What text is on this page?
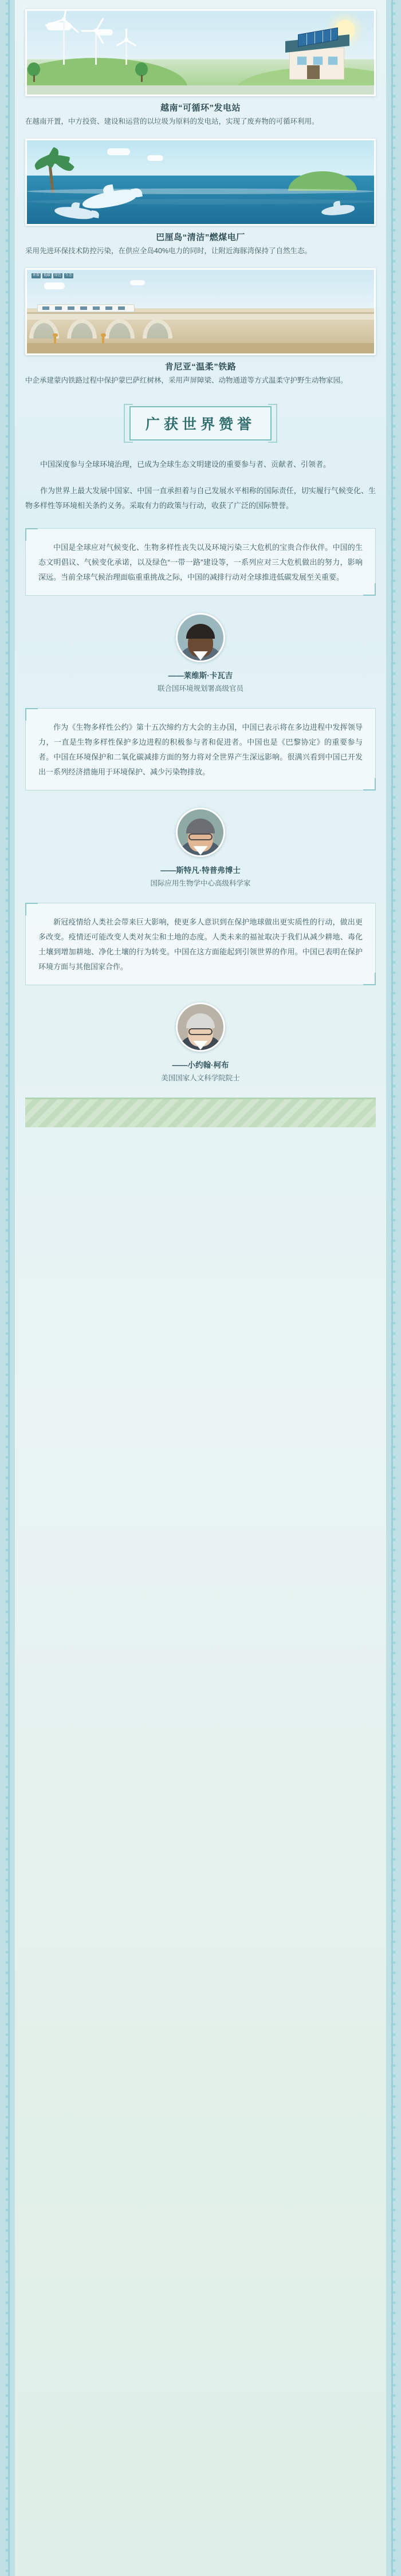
越南“可循环”发电站
在越南开置，中方投资、建设和运营的以垃圾为原料的发电站，实现了废弃物的可循环利用。
巴厘岛“清洁”燃煤电厂
采用先进环保技术防控污染，在供应全岛40%电力的同时，让附近海豚湾保持了自然生态。
环保	低碳	绿色	生态
肯尼亚“温柔”铁路
中企承建蒙内铁路过程中保护蒙巴萨红树林，采用声屏障梁、动物通道等方式温柔守护野生动物家园。
广获世界赞誉

中国深度参与全球环境治理，已成为全球生态文明建设的重要参与者、贡献者、引领者。

作为世界上最大发展中国家、中国一直承担着与自己发展水平相称的国际责任，切实履行气候变化、生物多样性等环境相关条约义务。采取有力的政策与行动，收获了广泛的国际赞誉。

中国是全球应对气候变化、生物多样性丧失以及环境污染三大危机的宝贵合作伙伴。中国的生态文明倡议、气候变化承诺，以及绿色“一带一路”建设等，一系列应对三大危机做出的努力，影响深远。当前全球气候治理面临重重挑战之际，中国的减排行动对全球推进低碳发展至关重要。

——莱维斯·卡瓦吉
联合国环境规划署高级官员

作为《生物多样性公约》第十五次缔约方大会的主办国，中国已表示将在多边进程中发挥领导力，一直是生物多样性保护多边进程的积极参与者和促进者。中国也是《巴黎协定》的重要参与者。中国在环境保护和二氧化碳减排方面的努力将对全世界产生深远影响。很满兴看到中国已开发出一系列经济措施用于环境保护、减少污染物排放。

——斯特凡·特普弗博士
国际应用生物学中心高级科学家

新冠疫情给人类社会带来巨大影响，使更多人意识到在保护地球做出更实质性的行动，做出更多改变。疫情还可能改变人类对灰尘和土地的态度。人类未来的福祉取决于我们从减少耕地、毒化土壤到增加耕地、净化土壤的行为转变。中国在这方面能起到引领世界的作用。中国已表明在保护环境方面与其他国家合作。

——小约翰·柯布
美国国家人文科学院院士
